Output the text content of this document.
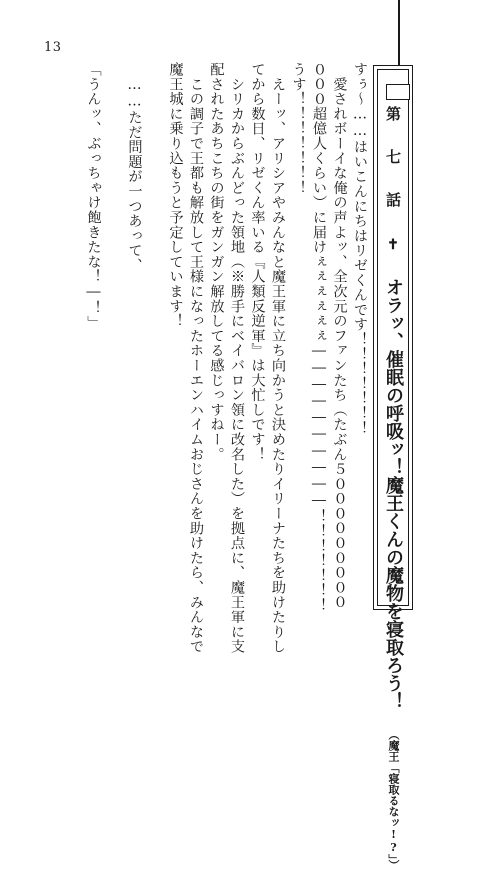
13
第 七 話 ✝ オラッ、催眠の呼吸ッ！魔王くんの魔物を寝取ろう！ （魔王「寝取るなッ!?」）

すぅ〜……はいこんにちはリゼくんです！！！！！！！

　愛されボーイな俺の声よッ、全次元のファンたち（たぶん５０００００００００

０００超億人くらい）に届けぇぇぇぇぇぇ――――――――――！！！！！！！

うす！！！！！！！

　えーッ、アリシアやみんなと魔王軍に立ち向かうと決めたりイリーナたちを助けたりし

てから数日、リゼくん率いる『人類反逆軍』は大忙しです！

　シリカからぶんどった領地（※勝手にベイバロン領に改名した）を拠点に、魔王軍に支

配されたあちこちの街をガンガン解放してる感じっすねー。

　この調子で王都も解放して王様になったホーエンハイムおじさんを助けたら、みんなで

魔王城に乗り込もうと予定しています！

　……ただ問題が一つあって、

「うんッ、ぶっちゃけ飽きたな！―！」
